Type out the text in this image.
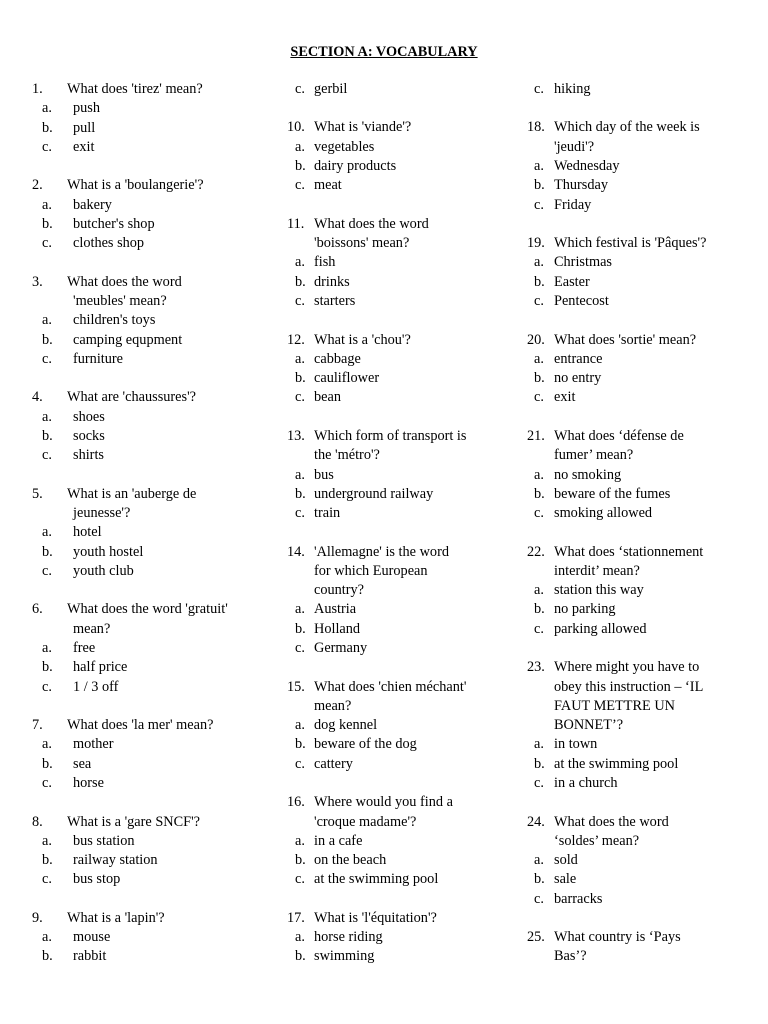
SECTION A: VOCABULARY
1. What does 'tirez' mean?
a. push
b. pull
c. exit
2. What is a 'boulangerie'?
a. bakery
b. butcher's shop
c. clothes shop
3. What does the word
'meubles' mean?
a. children's toys
b. camping equpment
c. furniture
4. What are 'chaussures'?
a. shoes
b. socks
c. shirts
5. What is an 'auberge de
jeunesse'?
a. hotel
b. youth hostel
c. youth club
6. What does the word 'gratuit'
mean?
a. free
b. half price
c. 1 / 3 off
7. What does 'la mer' mean?
a. mother
b. sea
c. horse
8. What is a 'gare SNCF'?
a. bus station
b. railway station
c. bus stop
9. What is a 'lapin'?
a. mouse
b. rabbit
c. gerbil
10. What is 'viande'?
a. vegetables
b. dairy products
c. meat
11. What does the word
'boissons' mean?
a. fish
b. drinks
c. starters
12. What is a 'chou'?
a. cabbage
b. cauliflower
c. bean
13. Which form of transport is
the 'métro'?
a. bus
b. underground railway
c. train
14. 'Allemagne' is the word
for which European
country?
a. Austria
b. Holland
c. Germany
15. What does 'chien méchant'
mean?
a. dog kennel
b. beware of the dog
c. cattery
16. Where would you find a
'croque madame'?
a. in a cafe
b. on the beach
c. at the swimming pool
17. What is 'l'équitation'?
a. horse riding
b. swimming
c. hiking
18. Which day of the week is
'jeudi'?
a. Wednesday
b. Thursday
c. Friday
19. Which festival is 'Pâques'?
a. Christmas
b. Easter
c. Pentecost
20. What does 'sortie' mean?
a. entrance
b. no entry
c. exit
21. What does ‘défense de
fumer’ mean?
a. no smoking
b. beware of the fumes
c. smoking allowed
22. What does ‘stationnement
interdit’ mean?
a. station this way
b. no parking
c. parking allowed
23. Where might you have to
obey this instruction – ‘IL
FAUT METTRE UN
BONNET’?
a. in town
b. at the swimming pool
c. in a church
24. What does the word
‘soldes’ mean?
a. sold
b. sale
c. barracks
25. What country is ‘Pays
Bas’?
